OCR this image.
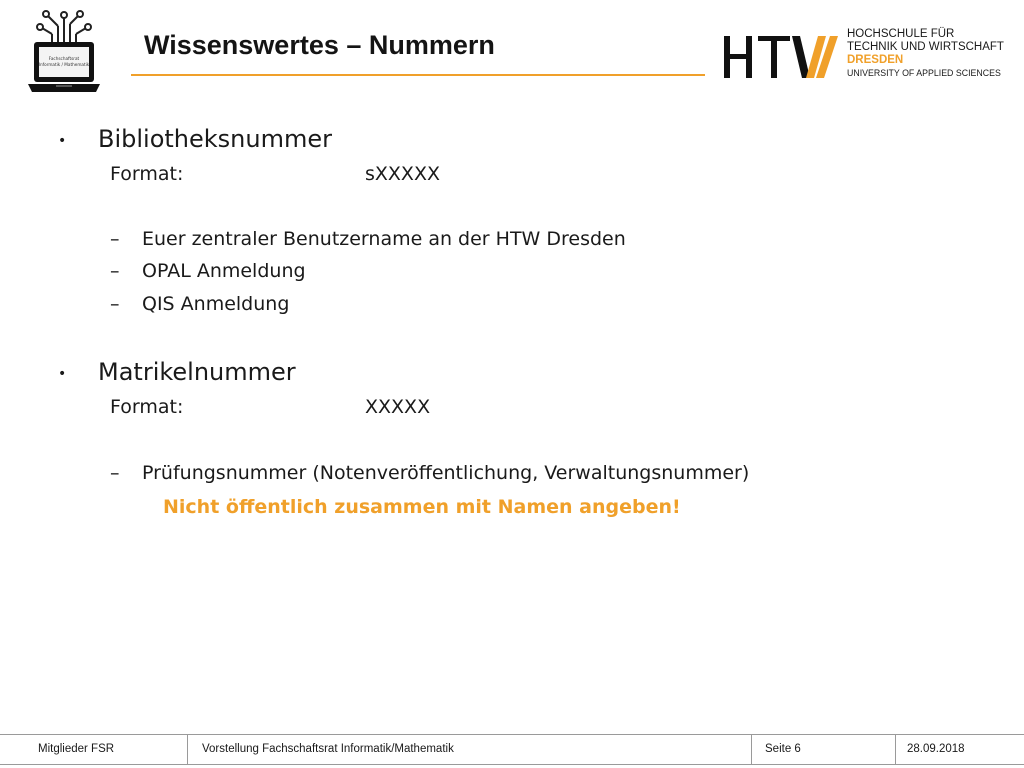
Fachschaftsrat
Informatik / Mathematik
Wissenswertes – Nummern	HOCHSCHULE FÜR
TECHNIK UND WIRTSCHAFT
DRESDEN
UNIVERSITY OF APPLIED SCIENCES
• Bibliotheksnummer
Format:	sXXXXX
– Euer zentraler Benutzername an der HTW Dresden
– OPAL Anmeldung
– QIS Anmeldung
• Matrikelnummer
Format:	XXXXX
– Prüfungsnummer (Notenveröffentlichung, Verwaltungsnummer)
Nicht öffentlich zusammen mit Namen angeben!
Mitglieder FSR	Vorstellung Fachschaftsrat Informatik/Mathematik	Seite 6	28.09.2018
